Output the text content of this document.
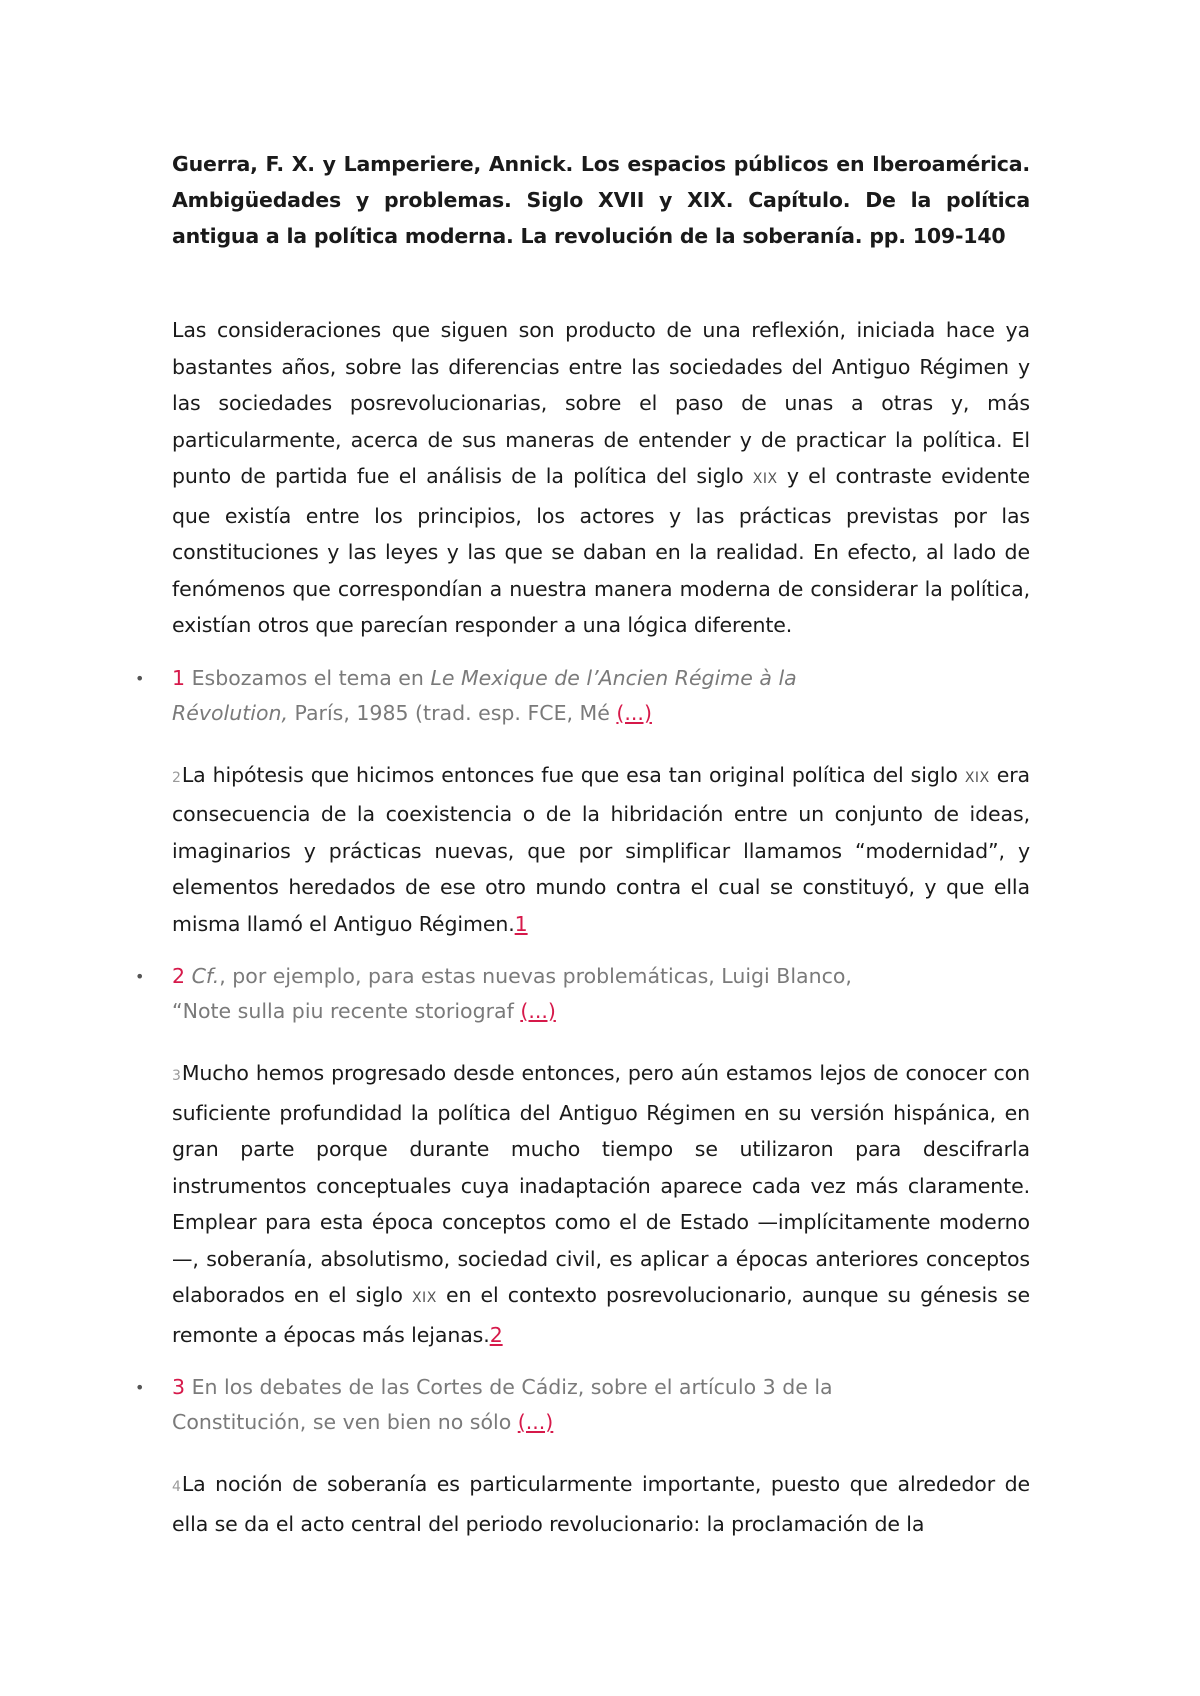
Guerra, F. X. y Lamperiere, Annick. Los espacios públicos en Iberoamérica. Ambigüedades y problemas. Siglo XVII y XIX. Capítulo. De la política antigua a la política moderna. La revolución de la soberanía. pp. 109-140

Las consideraciones que siguen son producto de una reflexión, iniciada hace ya bastantes años, sobre las diferencias entre las sociedades del Antiguo Régimen y las sociedades posrevolucionarias, sobre el paso de unas a otras y, más particularmente, acerca de sus maneras de entender y de practicar la política. El punto de partida fue el análisis de la política del siglo XIX y el contraste evidente que existía entre los principios, los actores y las prácticas previstas por las constituciones y las leyes y las que se daban en la realidad. En efecto, al lado de fenómenos que correspondían a nuestra manera moderna de considerar la política, existían otros que parecían responder a una lógica diferente.

• 1 Esbozamos el tema en Le Mexique de l’Ancien Régime à la Révolution, París, 1985 (trad. esp. FCE, Mé (...)

2La hipótesis que hicimos entonces fue que esa tan original política del siglo XIX era consecuencia de la coexistencia o de la hibridación entre un conjunto de ideas, imaginarios y prácticas nuevas, que por simplificar llamamos “modernidad”, y elementos heredados de ese otro mundo contra el cual se constituyó, y que ella misma llamó el Antiguo Régimen.1

• 2 Cf., por ejemplo, para estas nuevas problemáticas, Luigi Blanco, “Note sulla piu recente storiograf (...)

3Mucho hemos progresado desde entonces, pero aún estamos lejos de conocer con suficiente profundidad la política del Antiguo Régimen en su versión hispánica, en gran parte porque durante mucho tiempo se utilizaron para descifrarla instrumentos conceptuales cuya inadaptación aparece cada vez más claramente. Emplear para esta época conceptos como el de Estado —implícitamente moderno—, soberanía, absolutismo, sociedad civil, es aplicar a épocas anteriores conceptos elaborados en el siglo XIX en el contexto posrevolucionario, aunque su génesis se remonte a épocas más lejanas.2

• 3 En los debates de las Cortes de Cádiz, sobre el artículo 3 de la Constitución, se ven bien no sólo (...)

4La noción de soberanía es particularmente importante, puesto que alrededor de ella se da el acto central del periodo revolucionario: la proclamación de la
